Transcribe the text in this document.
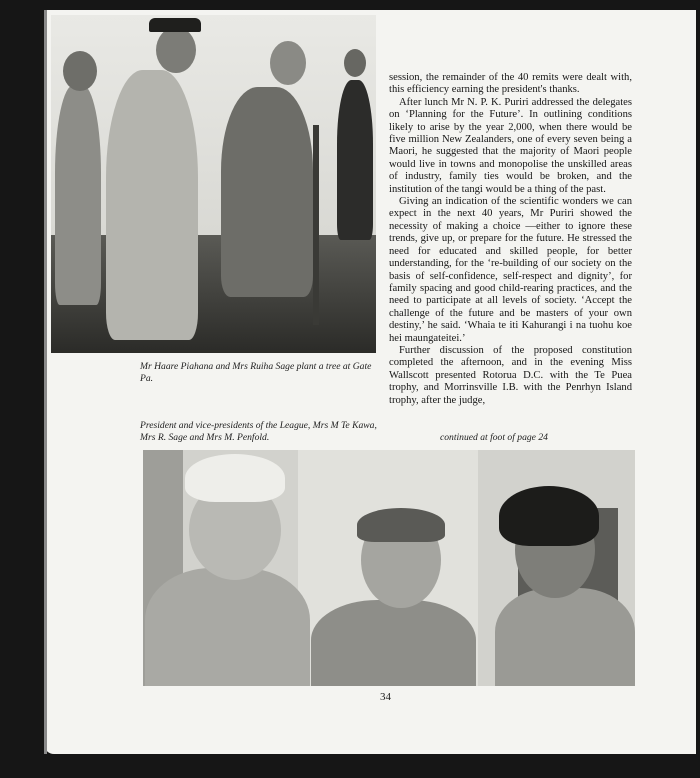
Mr Haare Piahana and Mrs Ruiha Sage plant a tree at Gate Pa.
President and vice-presidents of the League, Mrs M Te Kawa, Mrs R. Sage and Mrs M. Penfold.

session, the remainder of the 40 remits were dealt with, this efficiency earning the president's thanks.

After lunch Mr N. P. K. Puriri addressed the delegates on ‘Planning for the Future’. In outlining conditions likely to arise by the year 2,000, when there would be five million New Zealanders, one of every seven being a Maori, he suggested that the majority of Maori people would live in towns and monopolise the unskilled areas of industry, family ties would be broken, and the institution of the tangi would be a thing of the past.

Giving an indication of the scientific wonders we can expect in the next 40 years, Mr Puriri showed the necessity of making a choice —either to ignore these trends, give up, or prepare for the future. He stressed the need for educated and skilled people, for better understanding, for the ‘re-building of our society on the basis of self-confidence, self-respect and dignity’, for family spacing and good child-rearing practices, and the need to participate at all levels of society. ‘Accept the challenge of the future and be masters of your own destiny,’ he said. ‘Whaia te iti Kahurangi i na tuohu koe hei maungateitei.’

Further discussion of the proposed constitution completed the afternoon, and in the evening Miss Wallscott presented Rotorua D.C. with the Te Puea trophy, and Morrinsville I.B. with the Penrhyn Island trophy, after the judge,

continued at foot of page 24
34
